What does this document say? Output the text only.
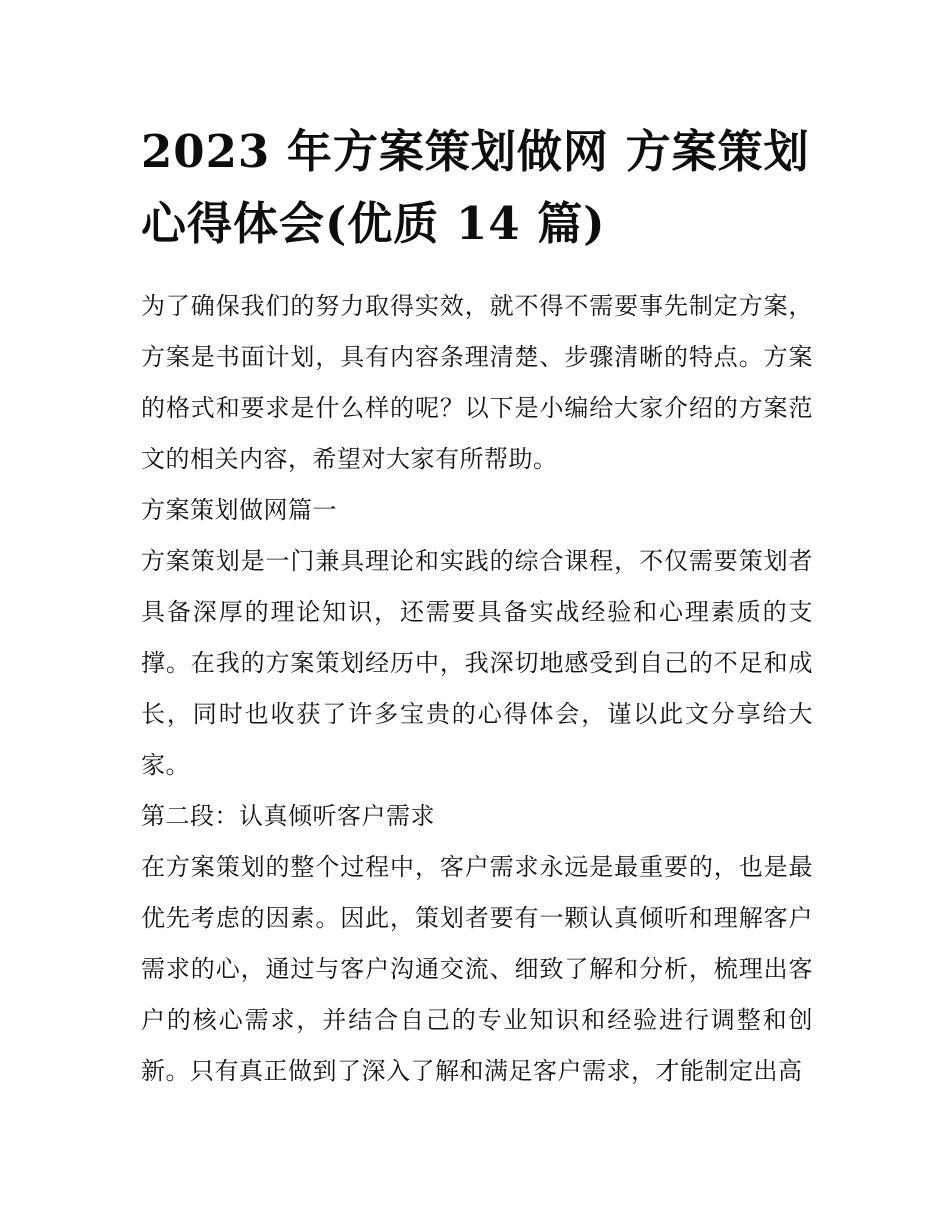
2023 年方案策划做网 方案策划心得体会(优质 14 篇)

为了确保我们的努力取得实效，就不得不需要事先制定方案，方案是书面计划，具有内容条理清楚、步骤清晰的特点。方案的格式和要求是什么样的呢？以下是小编给大家介绍的方案范文的相关内容，希望对大家有所帮助。

方案策划做网篇一

方案策划是一门兼具理论和实践的综合课程，不仅需要策划者具备深厚的理论知识，还需要具备实战经验和心理素质的支撑。在我的方案策划经历中，我深切地感受到自己的不足和成长，同时也收获了许多宝贵的心得体会，谨以此文分享给大家。

第二段：认真倾听客户需求

在方案策划的整个过程中，客户需求永远是最重要的，也是最优先考虑的因素。因此，策划者要有一颗认真倾听和理解客户需求的心，通过与客户沟通交流、细致了解和分析，梳理出客户的核心需求，并结合自己的专业知识和经验进行调整和创新。只有真正做到了深入了解和满足客户需求，才能制定出高
